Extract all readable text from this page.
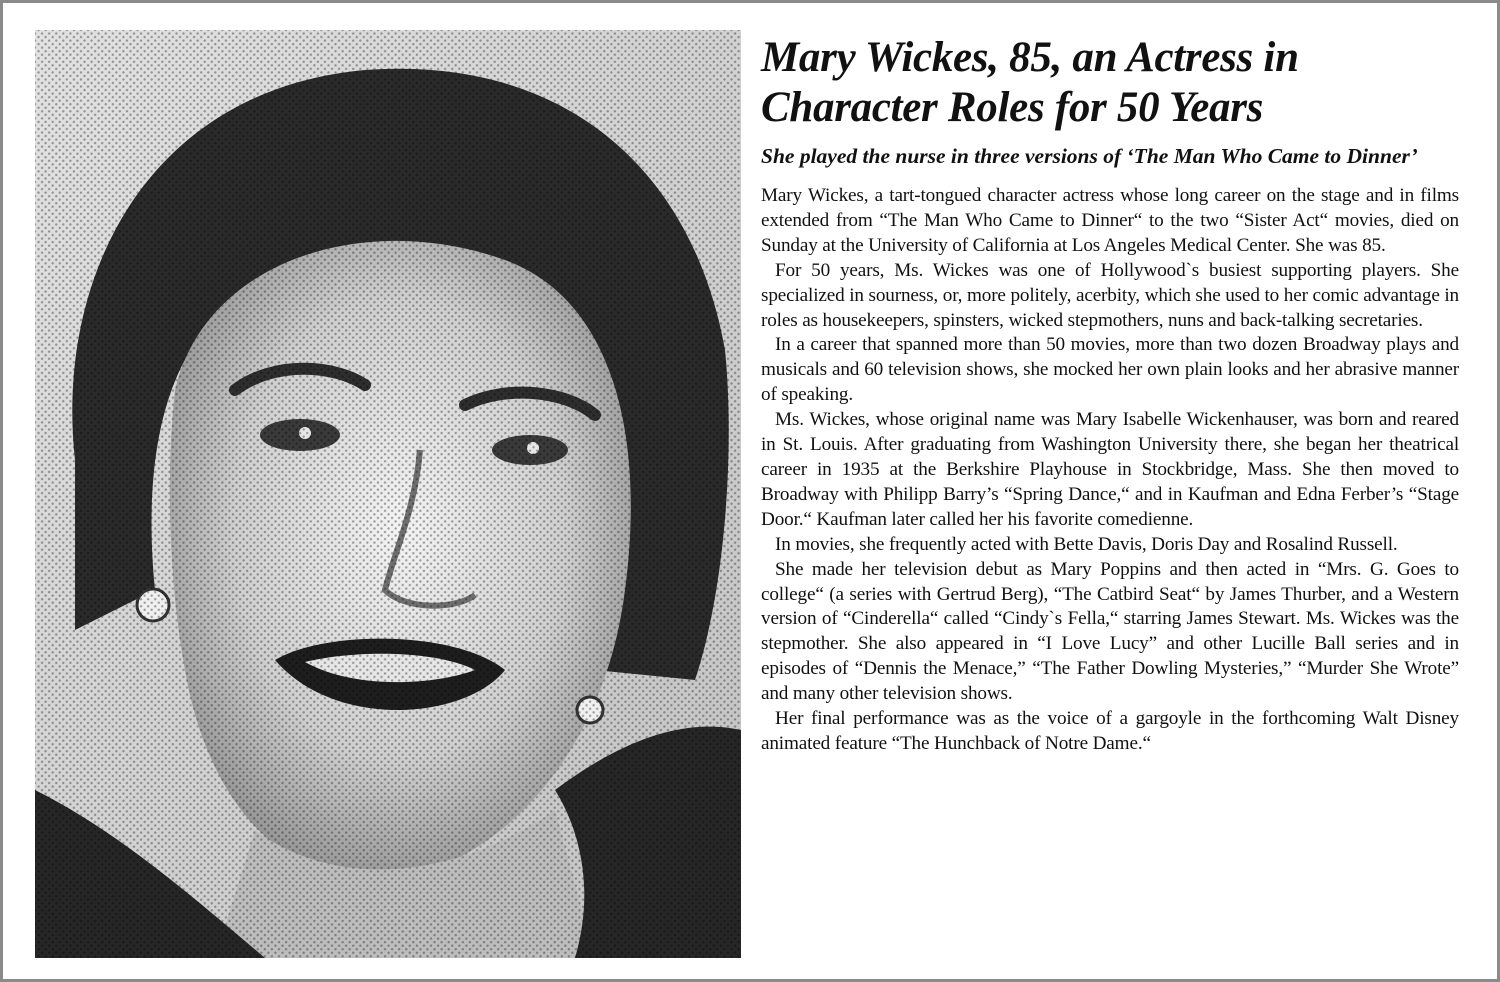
Mary Wickes, 85, an Actress in Character Roles for 50 Years
She played the nurse in three versions of ‘The Man Who Came to Dinner’

Mary Wickes, a tart-tongued character actress whose long career on the stage and in films extended from “The Man Who Came to Dinner“ to the two “Sister Act“ movies, died on Sunday at the University of California at Los Angeles Medical Center. She was 85.

For 50 years, Ms. Wickes was one of Hollywood`s busiest supporting players. She specialized in sourness, or, more politely, acerbity, which she used to her comic advantage in roles as housekeepers, spinsters, wicked stepmothers, nuns and back-talking secretaries.

In a career that spanned more than 50 movies, more than two dozen Broadway plays and musicals and 60 television shows, she mocked her own plain looks and her abrasive manner of speaking.

Ms. Wickes, whose original name was Mary Isabelle Wickenhauser, was born and reared in St. Louis. After graduating from Washington University there, she began her theatrical career in 1935 at the Berkshire Playhouse in Stockbridge, Mass. She then moved to Broadway with Philipp Barry’s “Spring Dance,“ and in Kaufman and Edna Ferber’s “Stage Door.“ Kaufman later called her his favorite comedienne.

In movies, she frequently acted with Bette Davis, Doris Day and Rosalind Russell.

She made her television debut as Mary Poppins and then acted in “Mrs. G. Goes to college“ (a series with Gertrud Berg), “The Catbird Seat“ by James Thurber, and a Western version of “Cinderella“ called “Cindy`s Fella,“ starring James Stewart. Ms. Wickes was the stepmother. She also appeared in “I Love Lucy” and other Lucille Ball series and in episodes of “Dennis the Menace,” “The Father Dowling Mysteries,” “Murder She Wrote” and many other television shows.

Her final performance was as the voice of a gargoyle in the forthcoming Walt Disney animated feature “The Hunchback of Notre Dame.“
